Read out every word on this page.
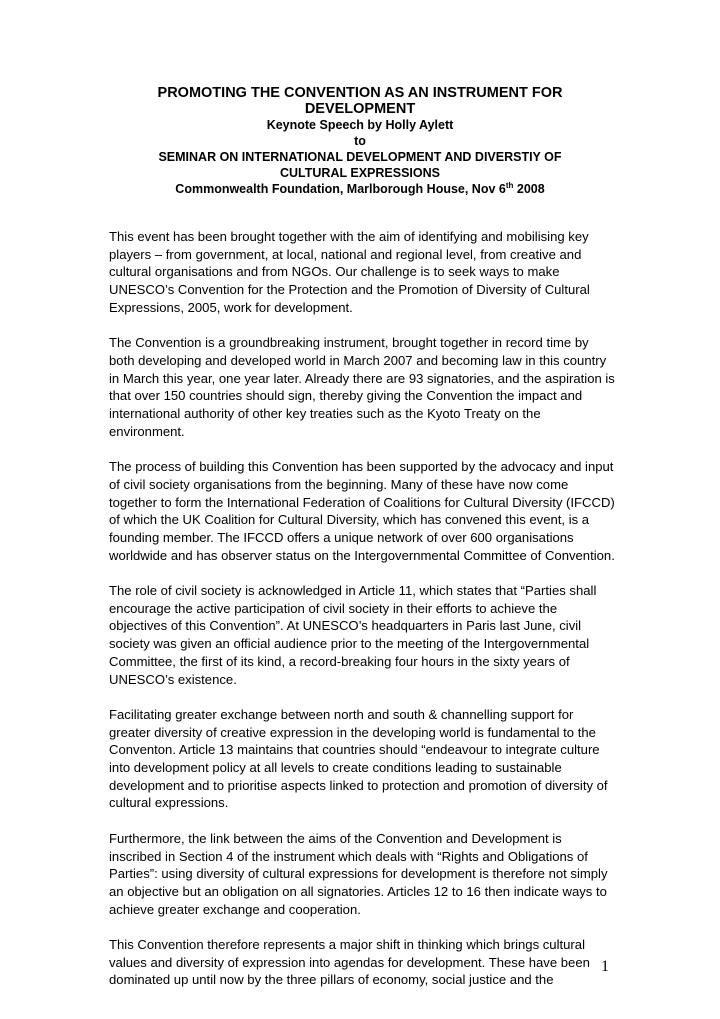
PROMOTING THE CONVENTION AS AN INSTRUMENT FOR
DEVELOPMENT
Keynote Speech by Holly Aylett
to
SEMINAR ON INTERNATIONAL DEVELOPMENT AND DIVERSTIY OF
CULTURAL EXPRESSIONS
Commonwealth Foundation, Marlborough House, Nov 6th 2008

This event has been brought together with the aim of identifying and mobilising key players – from government, at local, national and regional level, from creative and cultural organisations and from NGOs. Our challenge is to seek ways to make UNESCO’s Convention for the Protection and the Promotion of Diversity of Cultural Expressions, 2005, work for development.

The Convention is a groundbreaking instrument, brought together in record time by both developing and developed world in March 2007 and becoming law in this country in March this year, one year later. Already there are 93 signatories, and the aspiration is that over 150 countries should sign, thereby giving the Convention the impact and international authority of other key treaties such as the Kyoto Treaty on the environment.

The process of building this Convention has been supported by the advocacy and input of civil society organisations from the beginning. Many of these have now come together to form the International Federation of Coalitions for Cultural Diversity (IFCCD) of which the UK Coalition for Cultural Diversity, which has convened this event, is a founding member. The IFCCD offers a unique network of over 600 organisations worldwide and has observer status on the Intergovernmental Committee of Convention.

The role of civil society is acknowledged in Article 11, which states that “Parties shall encourage the active participation of civil society in their efforts to achieve the objectives of this Convention”. At UNESCO’s headquarters in Paris last June, civil society was given an official audience prior to the meeting of the Intergovernmental Committee, the first of its kind, a record-breaking four hours in the sixty years of UNESCO’s existence.

Facilitating greater exchange between north and south & channelling support for greater diversity of creative expression in the developing world is fundamental to the Conventon. Article 13 maintains that countries should “endeavour to integrate culture into development policy at all levels to create conditions leading to sustainable development and to prioritise aspects linked to protection and promotion of diversity of cultural expressions.

Furthermore, the link between the aims of the Convention and Development is inscribed in Section 4 of the instrument which deals with “Rights and Obligations of Parties”: using diversity of cultural expressions for development is therefore not simply an objective but an obligation on all signatories. Articles 12 to 16 then indicate ways to achieve greater exchange and cooperation.

This Convention therefore represents a major shift in thinking which brings cultural values and diversity of expression into agendas for development. These have been dominated up until now by the three pillars of economy, social justice and the

1
